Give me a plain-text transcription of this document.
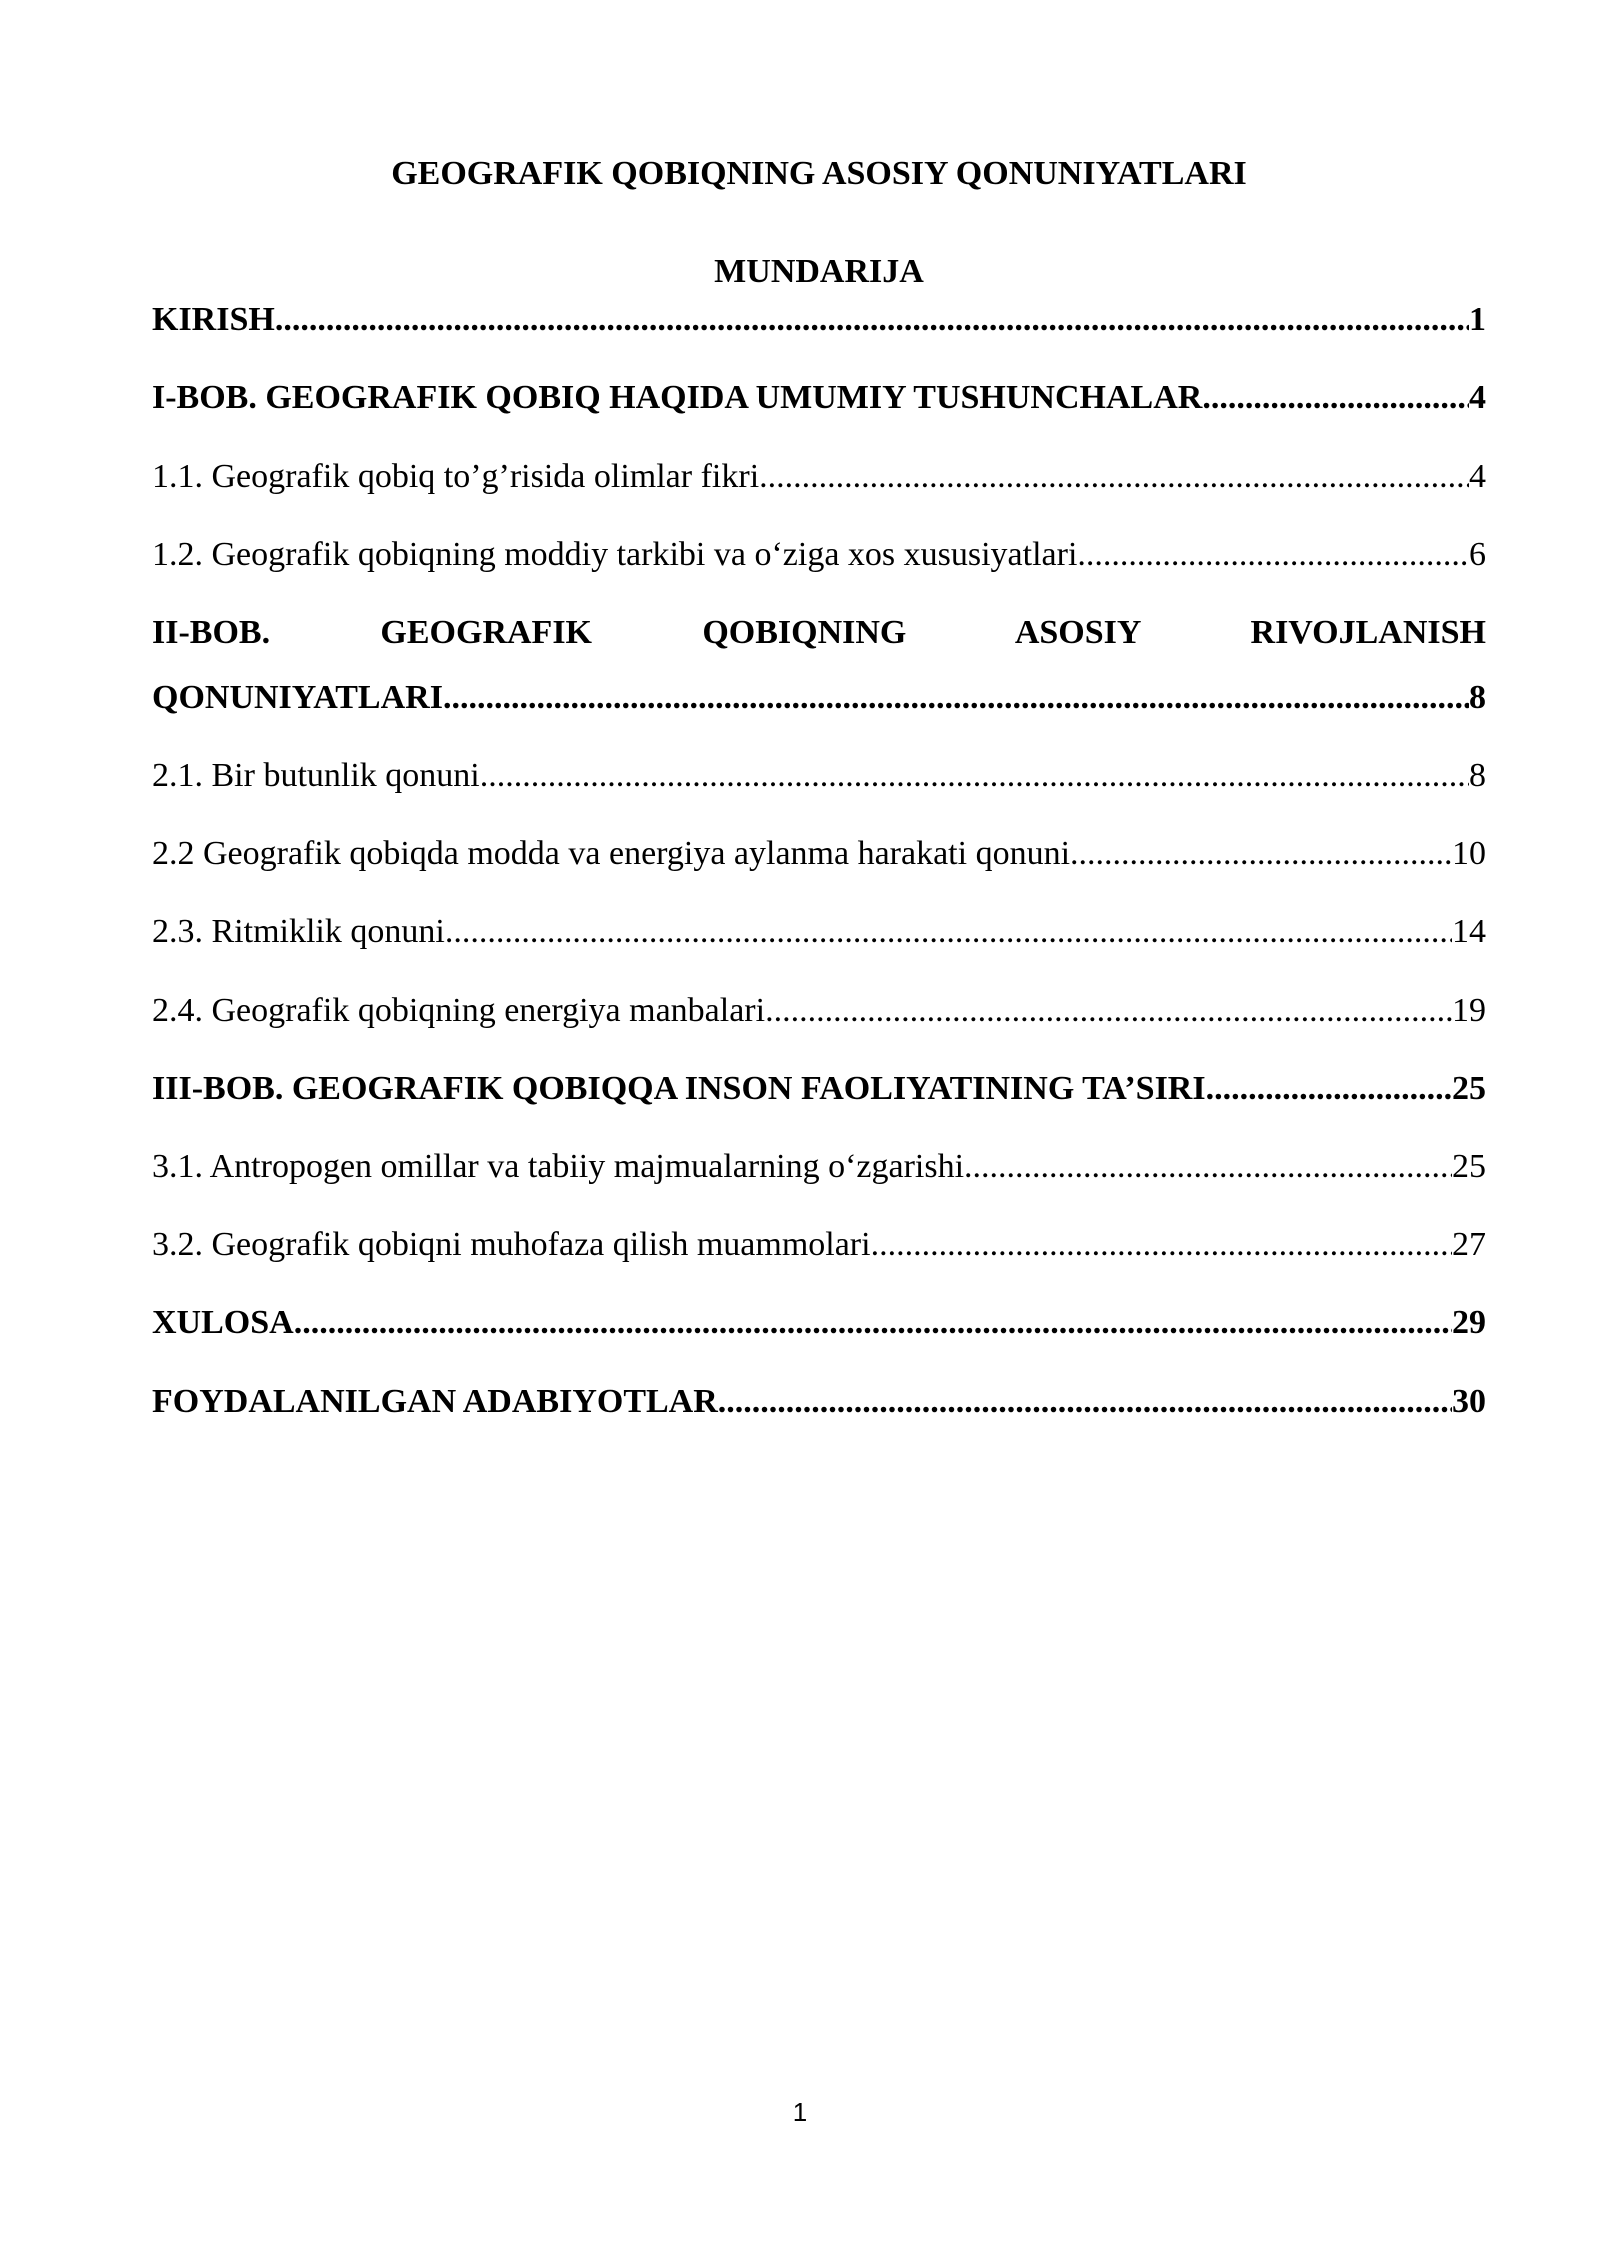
GEOGRAFIK QOBIQNING ASOSIY QONUNIYATLARI
MUNDARIJA
KIRISH .....	1
I-BOB. GEOGRAFIK QOBIQ HAQIDA UMUMIY TUSHUNCHALAR .....	4
1.1. Geografik qobiq to’g’risida olimlar fikri .....	4
1.2. Geografik qobiqning moddiy tarkibi va o‘ziga xos xususiyatlari .....	6
II-BOB. GEOGRAFIK QOBIQNING ASOSIY RIVOJLANISH
QONUNIYATLARI .....	8
2.1. Bir butunlik qonuni .....	8
2.2 Geografik qobiqda modda va energiya aylanma harakati qonuni .....	10
2.3. Ritmiklik qonuni .....	14
2.4. Geografik qobiqning energiya manbalari .....	19
III-BOB. GEOGRAFIK QOBIQQA INSON FAOLIYATINING TA’SIRI .....	25
3.1. Antropogen omillar va tabiiy majmualarning o‘zgarishi .....	25
3.2. Geografik qobiqni muhofaza qilish muammolari .....	27
XULOSA .....	29
FOYDALANILGAN ADABIYOTLAR .....	30
1
